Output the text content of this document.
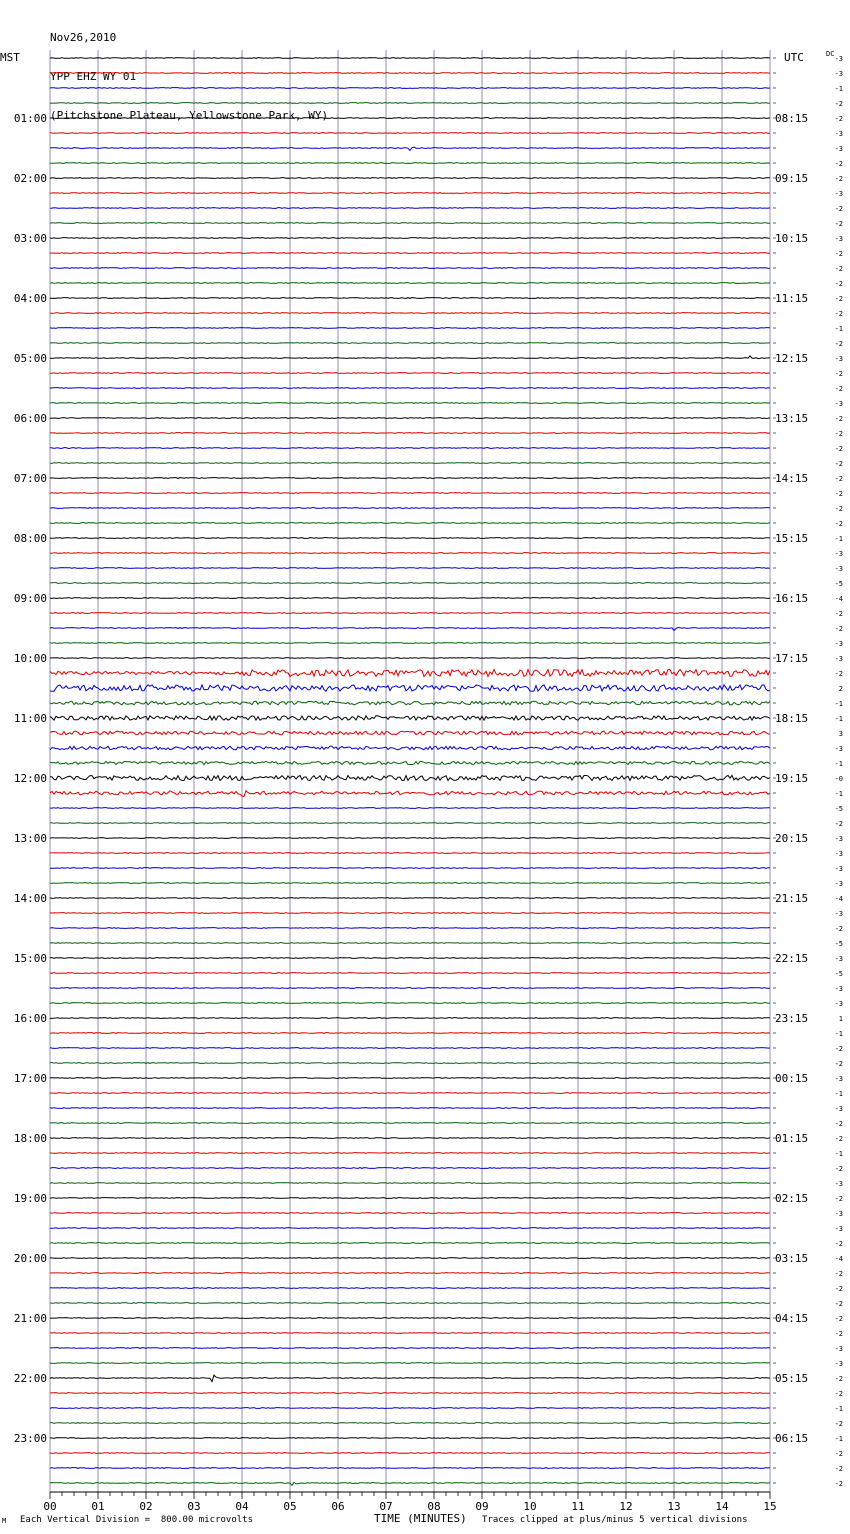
Nov26,2010

YPP EHZ WY 01

(Pitchstone Plateau, Yellowstone Park, WY)

-3
-3
-1
-2
-2
-3
-3
-2
-2
-3
-2
-2
-3
-2
-2
-2
-2
-2
-1
-2
-3
-2
-2
-3
-2
-2
-2
-2
-2
-2
-2
-2
-1
-3
-3
-5
-4
-2
-2
-3
-3
-2
2
-1
-1
3
-3
-1
-0
-1
-5
-2
-3
-3
-3
-3
-4
-3
-2
-5
-3
-5
-3
-3
1
-1
-2
-2
-3
-1
-3
-2
-2
-1
-2
-3
-2
-3
-3
-2
-4
-2
-2
-2
-2
-2
-3
-3
-2
-2
-1
-2
-1
-2
-2
-2
MST	UTC	DC
01:00
02:00
03:00
04:00
05:00
06:00
07:00
08:00
09:00
10:00
11:00
12:00
13:00
14:00
15:00
16:00
17:00
18:00
19:00
20:00
21:00
22:00
23:00
08:15
09:15
10:15
11:15
12:15
13:15
14:15
15:15
16:15
17:15
18:15
19:15
20:15
21:15
22:15
23:15
00:15
01:15
02:15
03:15
04:15
05:15
06:15
00	01	02	03	04	05	06	07	08	09	10	11	12	13	14	15
M Each Vertical Division =  800.00 microvolts	TIME (MINUTES) Traces clipped at plus/minus 5 vertical divisions
